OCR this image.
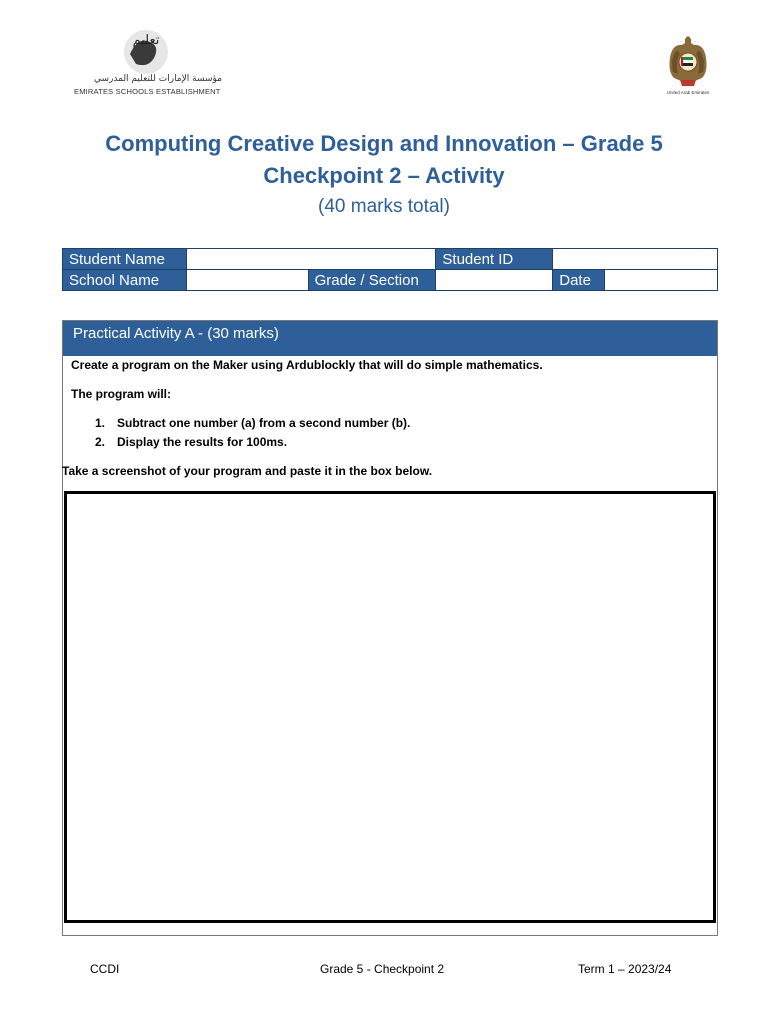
تعليم
مؤسسة الإمارات للتعليم المدرسي
EMIRATES SCHOOLS ESTABLISHMENT	United Arab Emirates
Computing Creative Design and Innovation – Grade 5
Checkpoint 2 – Activity
(40 marks total)
Student Name			Student ID		
School Name		Grade / Section		Date	
Practical Activity A - (30 marks)
Create a program on the Maker using Ardublockly that will do simple mathematics.
The program will:
1. Subtract one number (a) from a second number (b).
2. Display the results for 100ms.
Take a screenshot of your program and paste it in the box below.
CCDI	Grade 5 - Checkpoint 2	Term 1 – 2023/24
